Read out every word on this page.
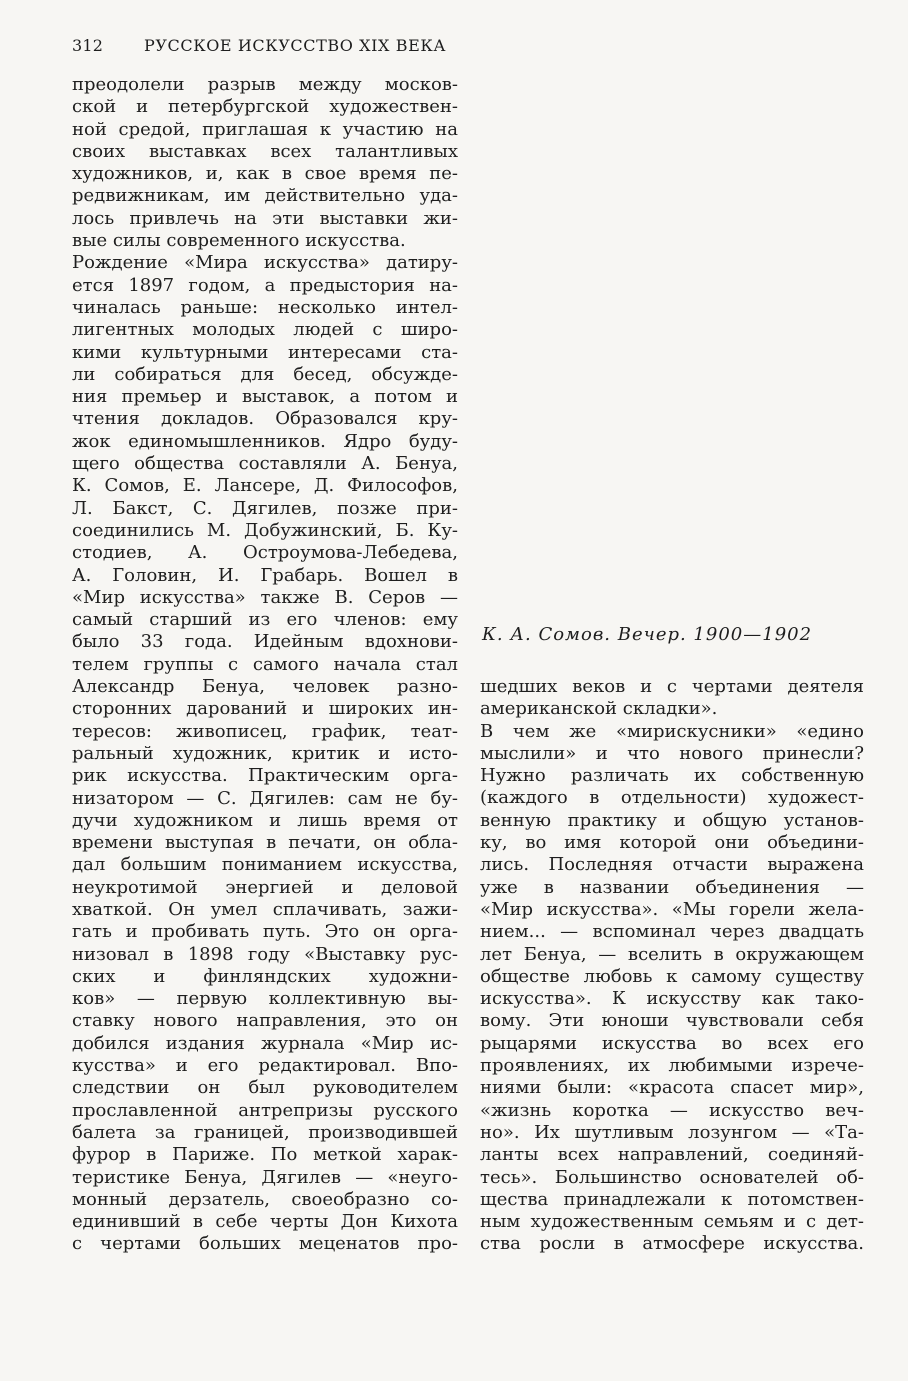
312	РУССКОЕ ИСКУССТВО XIX ВЕКА
преодолели разрыв между москов-
ской и петербургской художествен-
ной средой, приглашая к участию на
своих выставках всех талантливых
художников, и, как в свое время пе-
редвижникам, им действительно уда-
лось привлечь на эти выставки жи-
вые силы современного искусства.
Рождение «Мира искусства» датиру-
ется 1897 годом, а предыстория на-
чиналась раньше: несколько интел-
лигентных молодых людей с широ-
кими культурными интересами ста-
ли собираться для бесед, обсужде-
ния премьер и выставок, а потом и
чтения докладов. Образовался кру-
жок единомышленников. Ядро буду-
щего общества составляли А. Бенуа,
К. Сомов, Е. Лансере, Д. Философов,
Л. Бакст, С. Дягилев, позже при-
соединились М. Добужинский, Б. Ку-
стодиев, А. Остроумова-Лебедева,
А. Головин, И. Грабарь. Вошел в
«Мир искусства» также В. Серов —
самый старший из его членов: ему
было 33 года. Идейным вдохнови-
телем группы с самого начала стал
Александр Бенуа, человек разно-
сторонних дарований и широких ин-
тересов: живописец, график, теат-
ральный художник, критик и исто-
рик искусства. Практическим орга-
низатором — С. Дягилев: сам не бу-
дучи художником и лишь время от
времени выступая в печати, он обла-
дал большим пониманием искусства,
неукротимой энергией и деловой
хваткой. Он умел сплачивать, зажи-
гать и пробивать путь. Это он орга-
низовал в 1898 году «Выставку рус-
ских и финляндских художни-
ков» — первую коллективную вы-
ставку нового направления, это он
добился издания журнала «Мир ис-
кусства» и его редактировал. Впо-
следствии он был руководителем
прославленной антрепризы русского
балета за границей, производившей
фурор в Париже. По меткой харак-
теристике Бенуа, Дягилев — «неуго-
монный дерзатель, своеобразно со-
единивший в себе черты Дон Кихота
с чертами больших меценатов про-
К. А. Сомов. Вечер. 1900—1902
шедших веков и с чертами деятеля
американской складки».
В чем же «мирискусники» «едино
мыслили» и что нового принесли?
Нужно различать их собственную
(каждого в отдельности) художест-
венную практику и общую установ-
ку, во имя которой они объедини-
лись. Последняя отчасти выражена
уже в названии объединения —
«Мир искусства». «Мы горели жела-
нием... — вспоминал через двадцать
лет Бенуа, — вселить в окружающем
обществе любовь к самому существу
искусства». К искусству как тако-
вому. Эти юноши чувствовали себя
рыцарями искусства во всех его
проявлениях, их любимыми изрече-
ниями были: «красота спасет мир»,
«жизнь коротка — искусство веч-
но». Их шутливым лозунгом — «Та-
ланты всех направлений, соединяй-
тесь». Большинство основателей об-
щества принадлежали к потомствен-
ным художественным семьям и с дет-
ства росли в атмосфере искусства.
